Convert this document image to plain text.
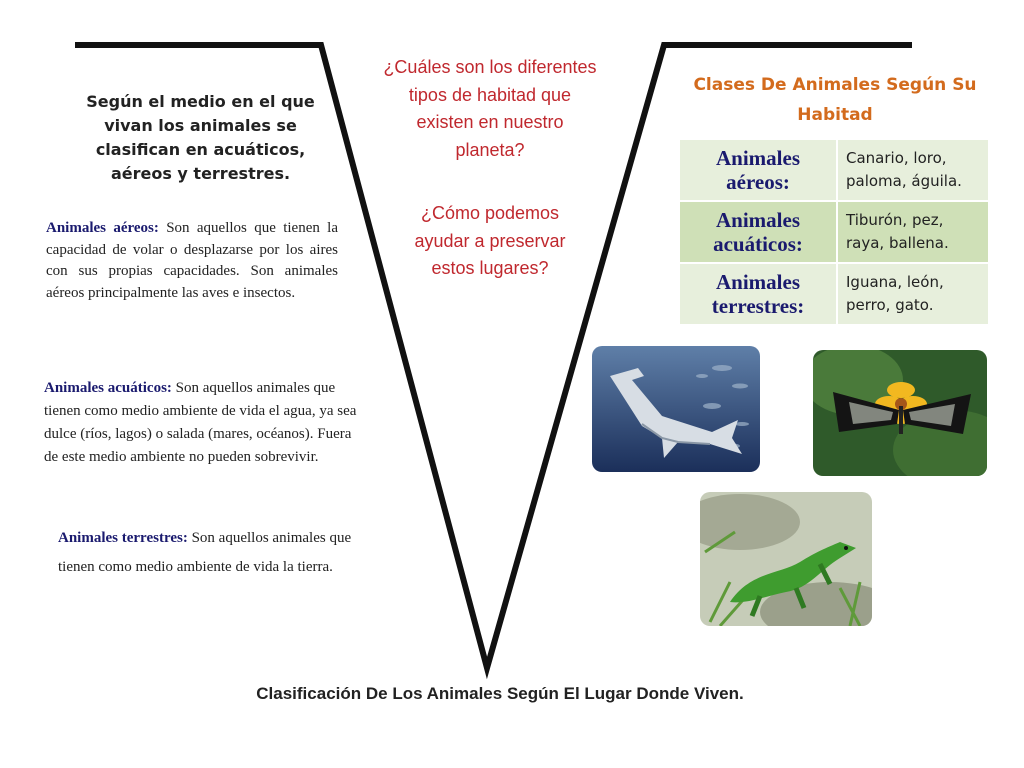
Según el medio en el que vivan los animales se clasifican en acuáticos, aéreos y terrestres.
Animales aéreos: Son aquellos que tienen la capacidad de volar o desplazarse por los aires con sus propias capacidades. Son animales aéreos principalmente las aves e insectos.
Animales acuáticos: Son aquellos animales que tienen como medio ambiente de vida el agua, ya sea dulce (ríos, lagos) o salada (mares, océanos). Fuera de este medio ambiente no pueden sobrevivir.
Animales terrestres: Son aquellos animales que tienen como medio ambiente de vida la tierra.
¿Cuáles son los diferentes tipos de habitad que existen en nuestro planeta?
¿Cómo podemos ayudar a preservar estos lugares?
Clases De Animales Según Su Habitad
Animales aéreos:	Canario, loro, paloma, águila.
Animales acuáticos:	Tiburón, pez, raya, ballena.
Animales terrestres:	Iguana, león, perro, gato.
Clasificación De Los Animales Según El Lugar Donde Viven.
